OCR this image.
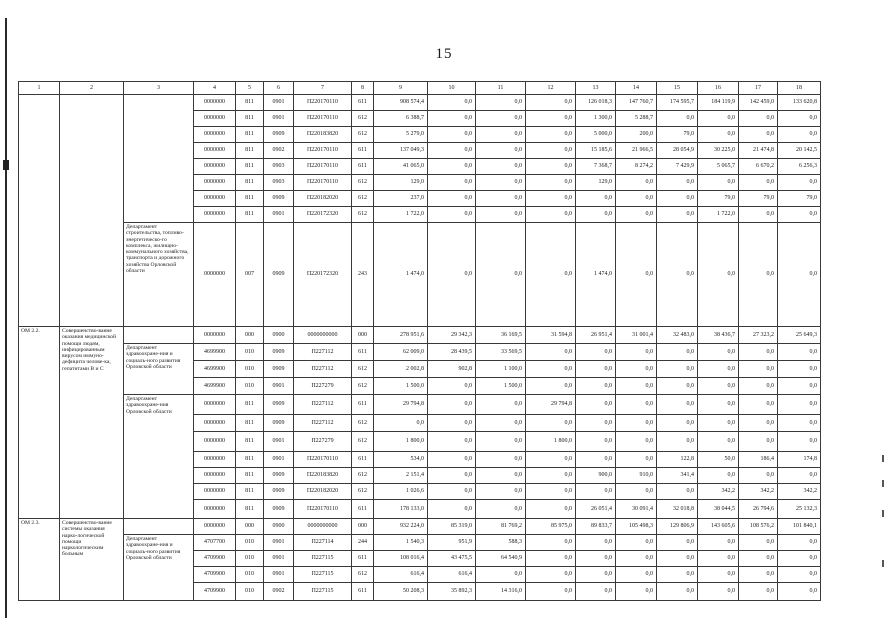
15
1	2	3	4	5	6	7	8	9	10	11	12	13	14	15	16	17	18
			0000000	811	0901	П220170110	611	908 574,4	0,0	0,0	0,0	126 018,3	147 760,7	174 595,7	184 119,9	142 459,0	133 620,8
			0000000	811	0901	П220170110	612	6 388,7	0,0	0,0	0,0	1 300,0	5 288,7	0,0	0,0	0,0	0,0
			0000000	811	0909	П220183820	612	5 279,0	0,0	0,0	0,0	5 000,0	200,0	79,0	0,0	0,0	0,0
			0000000	811	0902	П220170110	611	137 049,3	0,0	0,0	0,0	15 185,6	21 966,5	28 054,9	30 225,0	21 474,8	20 142,5
			0000000	811	0903	П220170110	611	41 065,0	0,0	0,0	0,0	7 368,7	8 274,2	7 429,9	5 065,7	6 670,2	6 256,3
			0000000	811	0903	П220170110	612	129,0	0,0	0,0	0,0	129,0	0,0	0,0	0,0	0,0	0,0
			0000000	811	0909	П220182020	612	237,0	0,0	0,0	0,0	0,0	0,0	0,0	79,0	79,0	79,0
			0000000	811	0901	П220172320	612	1 722,0	0,0	0,0	0,0	0,0	0,0	0,0	1 722,0	0,0	0,0
		Департамент строительства, топливо-энергетическо-го комплекса, жилищно-коммунального хозяйства, транспорта и дорожного хозяйства Орловской области	0000000	007	0909	П220172320	243	1 474,0	0,0	0,0	0,0	1 474,0	0,0	0,0	0,0	0,0	0,0
ОМ 2.2.	Совершенство-вание оказания медицинской помощи людям, инфицированным вирусом иммуно-дефицита челове-ка, гепатитами В и С		0000000	000	0900	0000000000	000	278 951,6	29 342,3	36 169,5	31 594,8	26 951,4	31 001,4	32 483,0	38 436,7	27 323,2	25 649,3
		Департамент здравоохране-ния и социаль-ного развития Орловской области	4699900	010	0909	П227112	611	62 009,0	28 439,5	33 569,5	0,0	0,0	0,0	0,0	0,0	0,0	0,0
			4699900	010	0909	П227112	612	2 002,8	902,8	1 100,0	0,0	0,0	0,0	0,0	0,0	0,0	0,0
			4699900	010	0901	П227279	612	1 500,0	0,0	1 500,0	0,0	0,0	0,0	0,0	0,0	0,0	0,0
		Департамент здравоохране-ния Орловской области	0000000	811	0909	П227112	611	29 794,8	0,0	0,0	29 794,8	0,0	0,0	0,0	0,0	0,0	0,0
			0000000	811	0909	П227112	612	0,0	0,0	0,0	0,0	0,0	0,0	0,0	0,0	0,0	0,0
			0000000	811	0901	П227279	612	1 800,0	0,0	0,0	1 800,0	0,0	0,0	0,0	0,0	0,0	0,0
			0000000	811	0901	П220170110	611	534,0	0,0	0,0	0,0	0,0	0,0	122,8	50,0	186,4	174,8
			0000000	811	0909	П220183820	612	2 151,4	0,0	0,0	0,0	900,0	910,0	341,4	0,0	0,0	0,0
			0000000	811	0909	П220182020	612	1 026,6	0,0	0,0	0,0	0,0	0,0	0,0	342,2	342,2	342,2
			0000000	811	0909	П220170110	611	178 133,0	0,0	0,0	0,0	26 051,4	30 091,4	32 018,8	38 044,5	26 794,6	25 132,3
ОМ 2.3.	Совершенство-вание системы оказания нарко-логической помощи наркологическим больным		0000000	000	0900	0000000000	000	932 224,0	85 319,0	81 769,2	85 975,0	89 833,7	105 498,3	129 806,9	143 605,6	108 576,2	101 840,1
		Департамент здравоохране-ния и социаль-ного развития Орловской области	4707700	010	0901	П227114	244	1 540,3	951,9	588,3	0,0	0,0	0,0	0,0	0,0	0,0	0,0
			4709900	010	0901	П227115	611	108 016,4	43 475,5	64 540,9	0,0	0,0	0,0	0,0	0,0	0,0	0,0
			4709900	010	0901	П227115	612	616,4	616,4	0,0	0,0	0,0	0,0	0,0	0,0	0,0	0,0
			4709900	010	0902	П227115	611	50 208,3	35 892,3	14 316,0	0,0	0,0	0,0	0,0	0,0	0,0	0,0
